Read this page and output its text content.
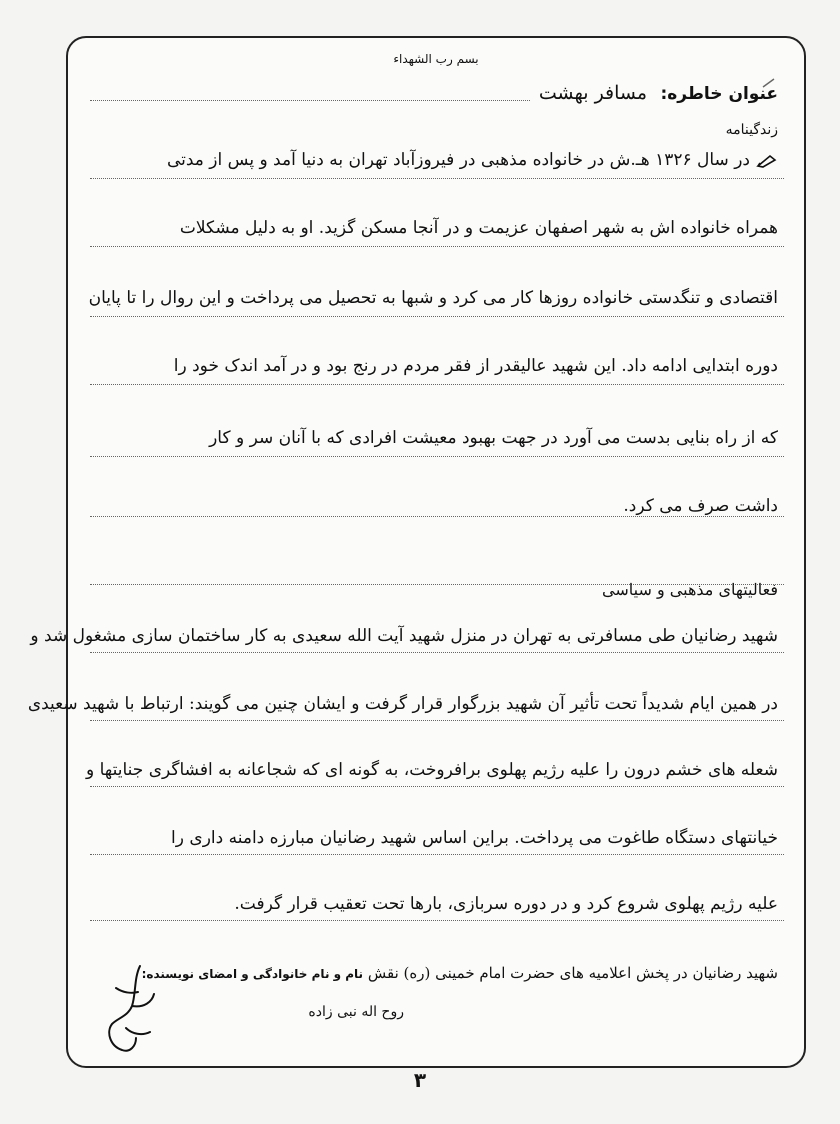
بسم رب الشهداء
عنوان خاطره: مسافر بهشت
زندگینامه
در سال ۱۳۲۶ هـ.ش در خانواده مذهبی در فیروزآباد تهران به دنیا آمد و پس از مدتی
همراه خانواده اش به شهر اصفهان عزیمت و در آنجا مسکن گزید. او به دلیل مشکلات
اقتصادی و تنگدستی خانواده روزها کار می کرد و شبها به تحصیل می پرداخت و این روال را تا پایان
دوره ابتدایی ادامه داد. این شهید عالیقدر از فقر مردم در رنج بود و در آمد اندک خود را
که از راه بنایی بدست می آورد در جهت بهبود معیشت افرادی که با آنان سر و کار
داشت صرف می کرد.
فعالیتهای مذهبی و سیاسی
شهید رضانیان طی مسافرتی به تهران در منزل شهید آیت الله سعیدی به کار ساختمان سازی مشغول شد و
در همین ایام شدیداً تحت تأثیر آن شهید بزرگوار قرار گرفت و ایشان چنین می گویند: ارتباط با شهید سعیدی
شعله های خشم درون را علیه رژیم پهلوی برافروخت، به گونه ای که شجاعانه به افشاگری جنایتها و
خیانتهای دستگاه طاغوت می پرداخت. براین اساس شهید رضانیان مبارزه دامنه داری را
علیه رژیم پهلوی شروع کرد و در دوره سربازی، بارها تحت تعقیب قرار گرفت.
شهید رضانیان در پخش اعلامیه های حضرت امام خمینی (ره) نقش نام و نام خانوادگی و امضای نویسنده:
روح اله نبی زاده
۳
